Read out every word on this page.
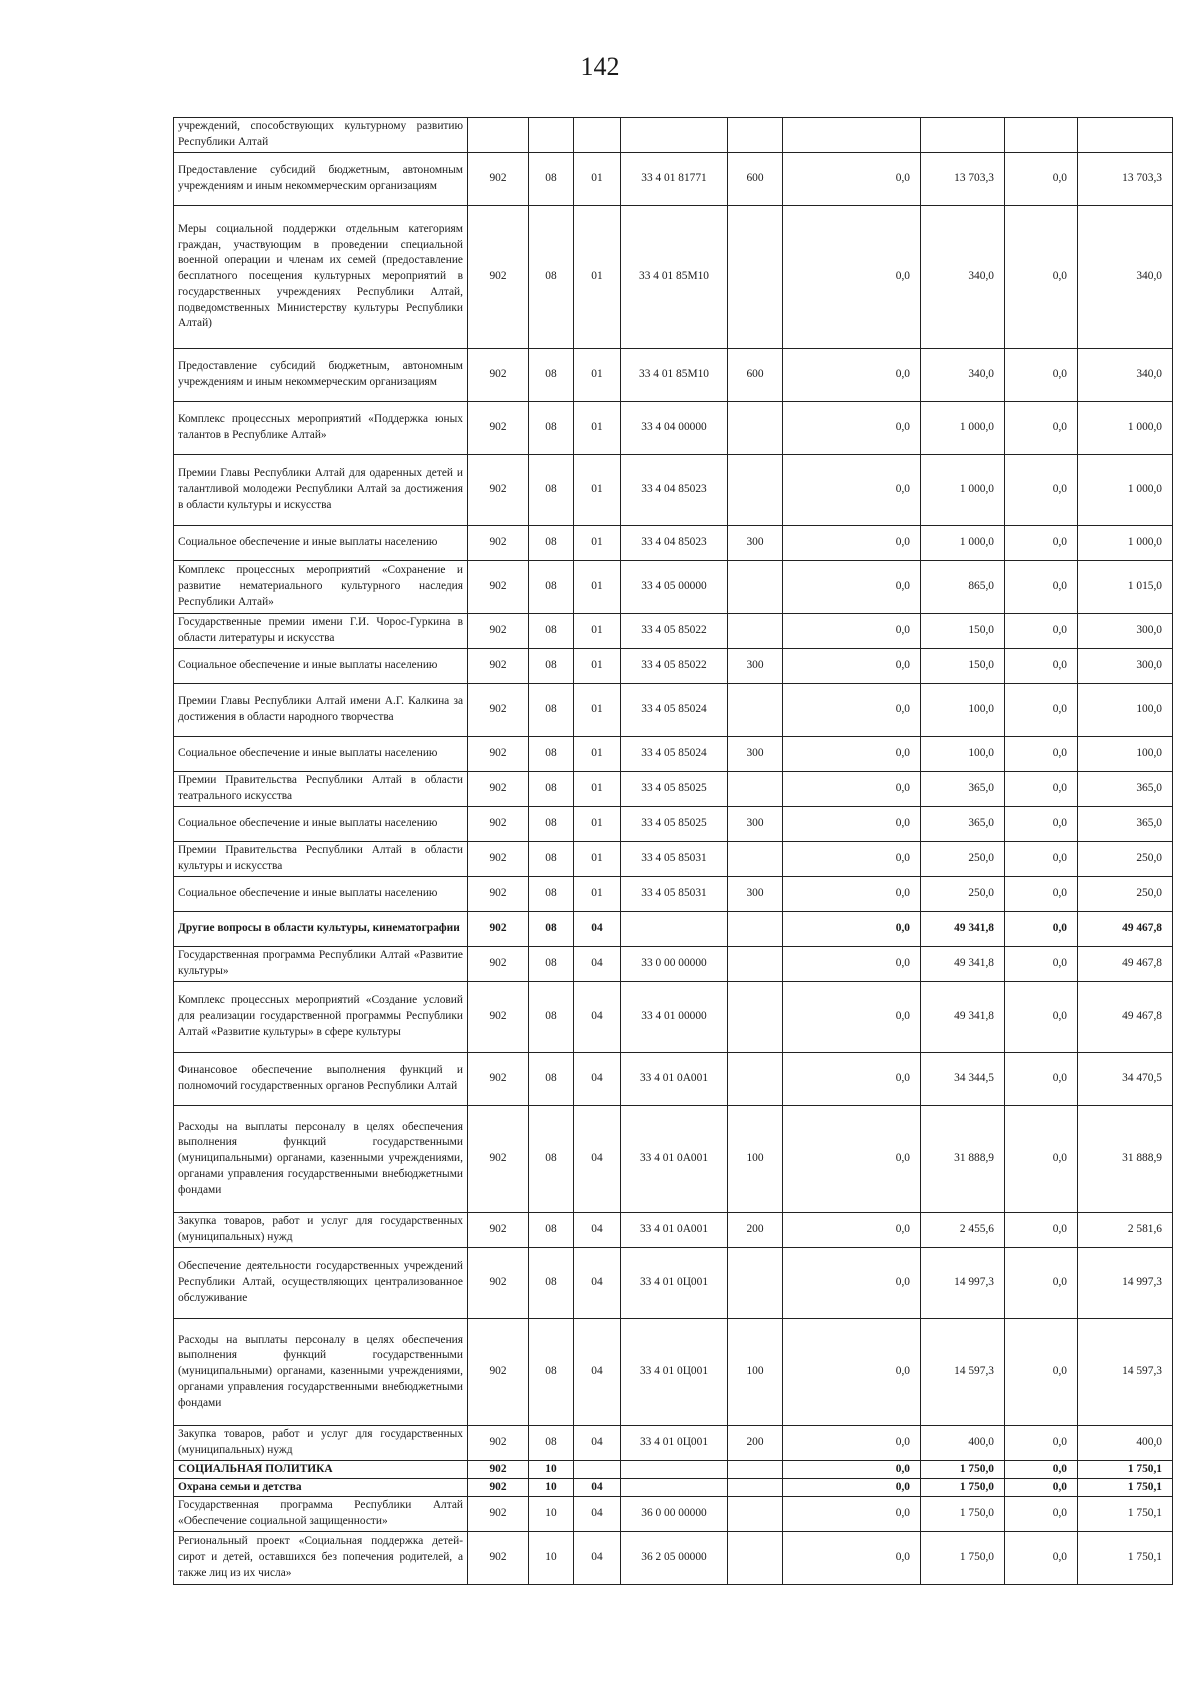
142
учреждений, способствующих культурному развитию Республики Алтай									
Предоставление субсидий бюджетным, автономным учреждениям и иным некоммерческим организациям	902	08	01	33 4 01 81771	600	0,0	13 703,3	0,0	13 703,3
Меры социальной поддержки отдельным категориям граждан, участвующим в проведении специальной военной операции и членам их семей (предоставление бесплатного посещения культурных мероприятий в государственных учреждениях Республики Алтай, подведомственных Министерству культуры Республики Алтай)	902	08	01	33 4 01 85М10		0,0	340,0	0,0	340,0
Предоставление субсидий бюджетным, автономным учреждениям и иным некоммерческим организациям	902	08	01	33 4 01 85М10	600	0,0	340,0	0,0	340,0
Комплекс процессных мероприятий «Поддержка юных талантов в Республике Алтай»	902	08	01	33 4 04 00000		0,0	1 000,0	0,0	1 000,0
Премии Главы Республики Алтай для одаренных детей и талантливой молодежи Республики Алтай за достижения в области культуры и искусства	902	08	01	33 4 04 85023		0,0	1 000,0	0,0	1 000,0
Социальное обеспечение и иные выплаты населению	902	08	01	33 4 04 85023	300	0,0	1 000,0	0,0	1 000,0
Комплекс процессных мероприятий «Сохранение и развитие нематериального культурного наследия Республики Алтай»	902	08	01	33 4 05 00000		0,0	865,0	0,0	1 015,0
Государственные премии имени Г.И. Чорос-Гуркина в области литературы и искусства	902	08	01	33 4 05 85022		0,0	150,0	0,0	300,0
Социальное обеспечение и иные выплаты населению	902	08	01	33 4 05 85022	300	0,0	150,0	0,0	300,0
Премии Главы Республики Алтай имени А.Г. Калкина за достижения в области народного творчества	902	08	01	33 4 05 85024		0,0	100,0	0,0	100,0
Социальное обеспечение и иные выплаты населению	902	08	01	33 4 05 85024	300	0,0	100,0	0,0	100,0
Премии Правительства Республики Алтай в области театрального искусства	902	08	01	33 4 05 85025		0,0	365,0	0,0	365,0
Социальное обеспечение и иные выплаты населению	902	08	01	33 4 05 85025	300	0,0	365,0	0,0	365,0
Премии Правительства Республики Алтай в области культуры и искусства	902	08	01	33 4 05 85031		0,0	250,0	0,0	250,0
Социальное обеспечение и иные выплаты населению	902	08	01	33 4 05 85031	300	0,0	250,0	0,0	250,0
Другие вопросы в области культуры, кинематографии	902	08	04			0,0	49 341,8	0,0	49 467,8
Государственная программа Республики Алтай «Развитие культуры»	902	08	04	33 0 00 00000		0,0	49 341,8	0,0	49 467,8
Комплекс процессных мероприятий «Создание условий для реализации государственной программы Республики Алтай «Развитие культуры» в сфере культуры	902	08	04	33 4 01 00000		0,0	49 341,8	0,0	49 467,8
Финансовое обеспечение выполнения функций и полномочий государственных органов Республики Алтай	902	08	04	33 4 01 0А001		0,0	34 344,5	0,0	34 470,5
Расходы на выплаты персоналу в целях обеспечения выполнения функций государственными (муниципальными) органами, казенными учреждениями, органами управления государственными внебюджетными фондами	902	08	04	33 4 01 0А001	100	0,0	31 888,9	0,0	31 888,9
Закупка товаров, работ и услуг для государственных (муниципальных) нужд	902	08	04	33 4 01 0А001	200	0,0	2 455,6	0,0	2 581,6
Обеспечение деятельности государственных учреждений Республики Алтай, осуществляющих централизованное обслуживание	902	08	04	33 4 01 0Ц001		0,0	14 997,3	0,0	14 997,3
Расходы на выплаты персоналу в целях обеспечения выполнения функций государственными (муниципальными) органами, казенными учреждениями, органами управления государственными внебюджетными фондами	902	08	04	33 4 01 0Ц001	100	0,0	14 597,3	0,0	14 597,3
Закупка товаров, работ и услуг для государственных (муниципальных) нужд	902	08	04	33 4 01 0Ц001	200	0,0	400,0	0,0	400,0
СОЦИАЛЬНАЯ ПОЛИТИКА	902	10				0,0	1 750,0	0,0	1 750,1
Охрана семьи и детства	902	10	04			0,0	1 750,0	0,0	1 750,1
Государственная программа Республики Алтай «Обеспечение социальной защищенности»	902	10	04	36 0 00 00000		0,0	1 750,0	0,0	1 750,1
Региональный проект «Социальная поддержка детей-сирот и детей, оставшихся без попечения родителей, а также лиц из их числа»	902	10	04	36 2 05 00000		0,0	1 750,0	0,0	1 750,1
